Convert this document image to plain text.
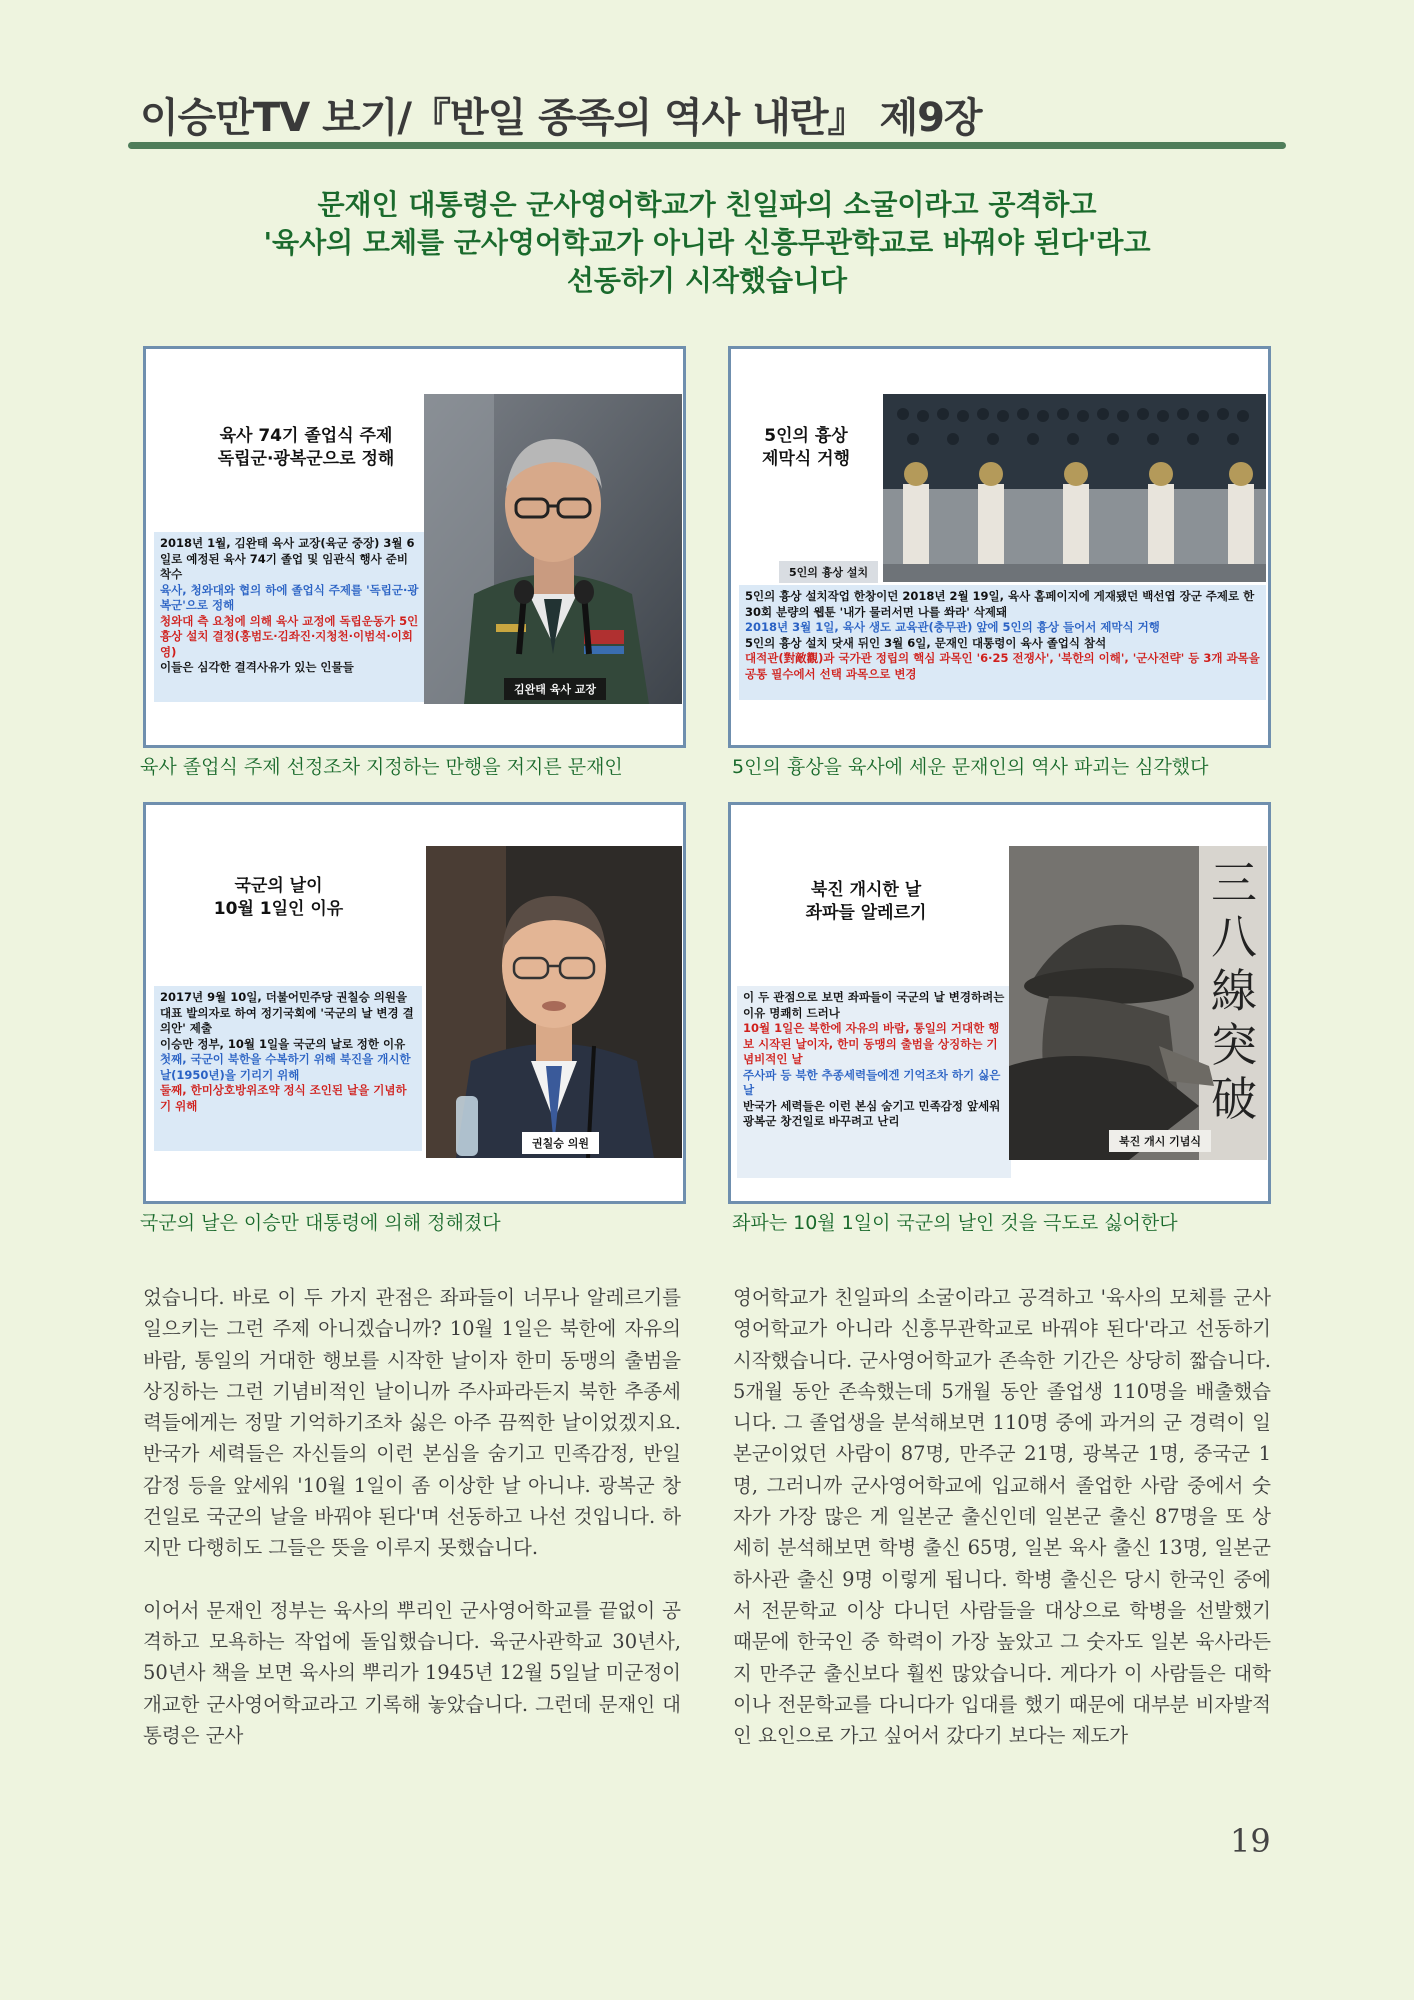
이승만TV 보기/『반일 종족의 역사 내란』 제9장
문재인 대통령은 군사영어학교가 친일파의 소굴이라고 공격하고
'육사의 모체를 군사영어학교가 아니라 신흥무관학교로 바꿔야 된다'라고
선동하기 시작했습니다
육사 74기 졸업식 주제
독립군·광복군으로 정해
2018년 1월, 김완태 육사 교장(육군 중장) 3월 6일로 예정된 육사 74기 졸업 및 임관식 행사 준비 착수
육사, 청와대와 협의 하에 졸업식 주제를 '독립군·광복군'으로 정해
청와대 측 요청에 의해 육사 교정에 독립운동가 5인 흉상 설치 결정(홍범도·김좌진·지청천·이범석·이회영)
이들은 심각한 결격사유가 있는 인물들
김완태 육사 교장
육사 졸업식 주제 선정조차 지정하는 만행을 저지른 문재인
5인의 흉상
제막식 거행
5인의 흉상 설치
5인의 흉상 설치작업 한창이던 2018년 2월 19일, 육사 홈페이지에 게재됐던 백선엽 장군 주제로 한 30회 분량의 웹툰 '내가 물러서면 나를 쏴라' 삭제돼
2018년 3월 1일, 육사 생도 교육관(충무관) 앞에 5인의 흉상 들어서 제막식 거행
5인의 흉상 설치 닷새 뒤인 3월 6일, 문재인 대통령이 육사 졸업식 참석
대적관(對敵觀)과 국가관 정립의 핵심 과목인 '6·25 전쟁사', '북한의 이해', '군사전략' 등 3개 과목을 공통 필수에서 선택 과목으로 변경
5인의 흉상을 육사에 세운 문재인의 역사 파괴는 심각했다
국군의 날이
10월 1일인 이유
2017년 9월 10일, 더불어민주당 권칠승 의원을 대표 발의자로 하여 정기국회에 '국군의 날 변경 결의안' 제출
이승만 정부, 10월 1일을 국군의 날로 정한 이유
첫째, 국군이 북한을 수복하기 위해 북진을 개시한 날(1950년)을 기리기 위해
둘째, 한미상호방위조약 정식 조인된 날을 기념하기 위해
권칠승 의원
국군의 날은 이승만 대통령에 의해 정해졌다
북진 개시한 날
좌파들 알레르기
이 두 관점으로 보면 좌파들이 국군의 날 변경하려는 이유 명쾌히 드러나
10월 1일은 북한에 자유의 바람, 통일의 거대한 행보 시작된 날이자, 한미 동맹의 출범을 상징하는 기념비적인 날
주사파 등 북한 추종세력들에겐 기억조차 하기 싫은 날
반국가 세력들은 이런 본심 숨기고 민족감정 앞세워 광복군 창건일로 바꾸려고 난리
三八線突破
북진 개시 기념식
좌파는 10월 1일이 국군의 날인 것을 극도로 싫어한다

었습니다. 바로 이 두 가지 관점은 좌파들이 너무나 알레르기를 일으키는 그런 주제 아니겠습니까? 10월 1일은 북한에 자유의 바람, 통일의 거대한 행보를 시작한 날이자 한미 동맹의 출범을 상징하는 그런 기념비적인 날이니까 주사파라든지 북한 추종세력들에게는 정말 기억하기조차 싫은 아주 끔찍한 날이었겠지요. 반국가 세력들은 자신들의 이런 본심을 숨기고 민족감정, 반일 감정 등을 앞세워 '10월 1일이 좀 이상한 날 아니냐. 광복군 창건일로 국군의 날을 바꿔야 된다'며 선동하고 나선 것입니다. 하지만 다행히도 그들은 뜻을 이루지 못했습니다.

이어서 문재인 정부는 육사의 뿌리인 군사영어학교를 끝없이 공격하고 모욕하는 작업에 돌입했습니다. 육군사관학교 30년사, 50년사 책을 보면 육사의 뿌리가 1945년 12월 5일날 미군정이 개교한 군사영어학교라고 기록해 놓았습니다. 그런데 문재인 대통령은 군사

영어학교가 친일파의 소굴이라고 공격하고 '육사의 모체를 군사영어학교가 아니라 신흥무관학교로 바꿔야 된다'라고 선동하기 시작했습니다. 군사영어학교가 존속한 기간은 상당히 짧습니다. 5개월 동안 존속했는데 5개월 동안 졸업생 110명을 배출했습니다. 그 졸업생을 분석해보면 110명 중에 과거의 군 경력이 일본군이었던 사람이 87명, 만주군 21명, 광복군 1명, 중국군 1명, 그러니까 군사영어학교에 입교해서 졸업한 사람 중에서 숫자가 가장 많은 게 일본군 출신인데 일본군 출신 87명을 또 상세히 분석해보면 학병 출신 65명, 일본 육사 출신 13명, 일본군 하사관 출신 9명 이렇게 됩니다. 학병 출신은 당시 한국인 중에서 전문학교 이상 다니던 사람들을 대상으로 학병을 선발했기 때문에 한국인 중 학력이 가장 높았고 그 숫자도 일본 육사라든지 만주군 출신보다 훨씬 많았습니다. 게다가 이 사람들은 대학이나 전문학교를 다니다가 입대를 했기 때문에 대부분 비자발적인 요인으로 가고 싶어서 갔다기 보다는 제도가

19
